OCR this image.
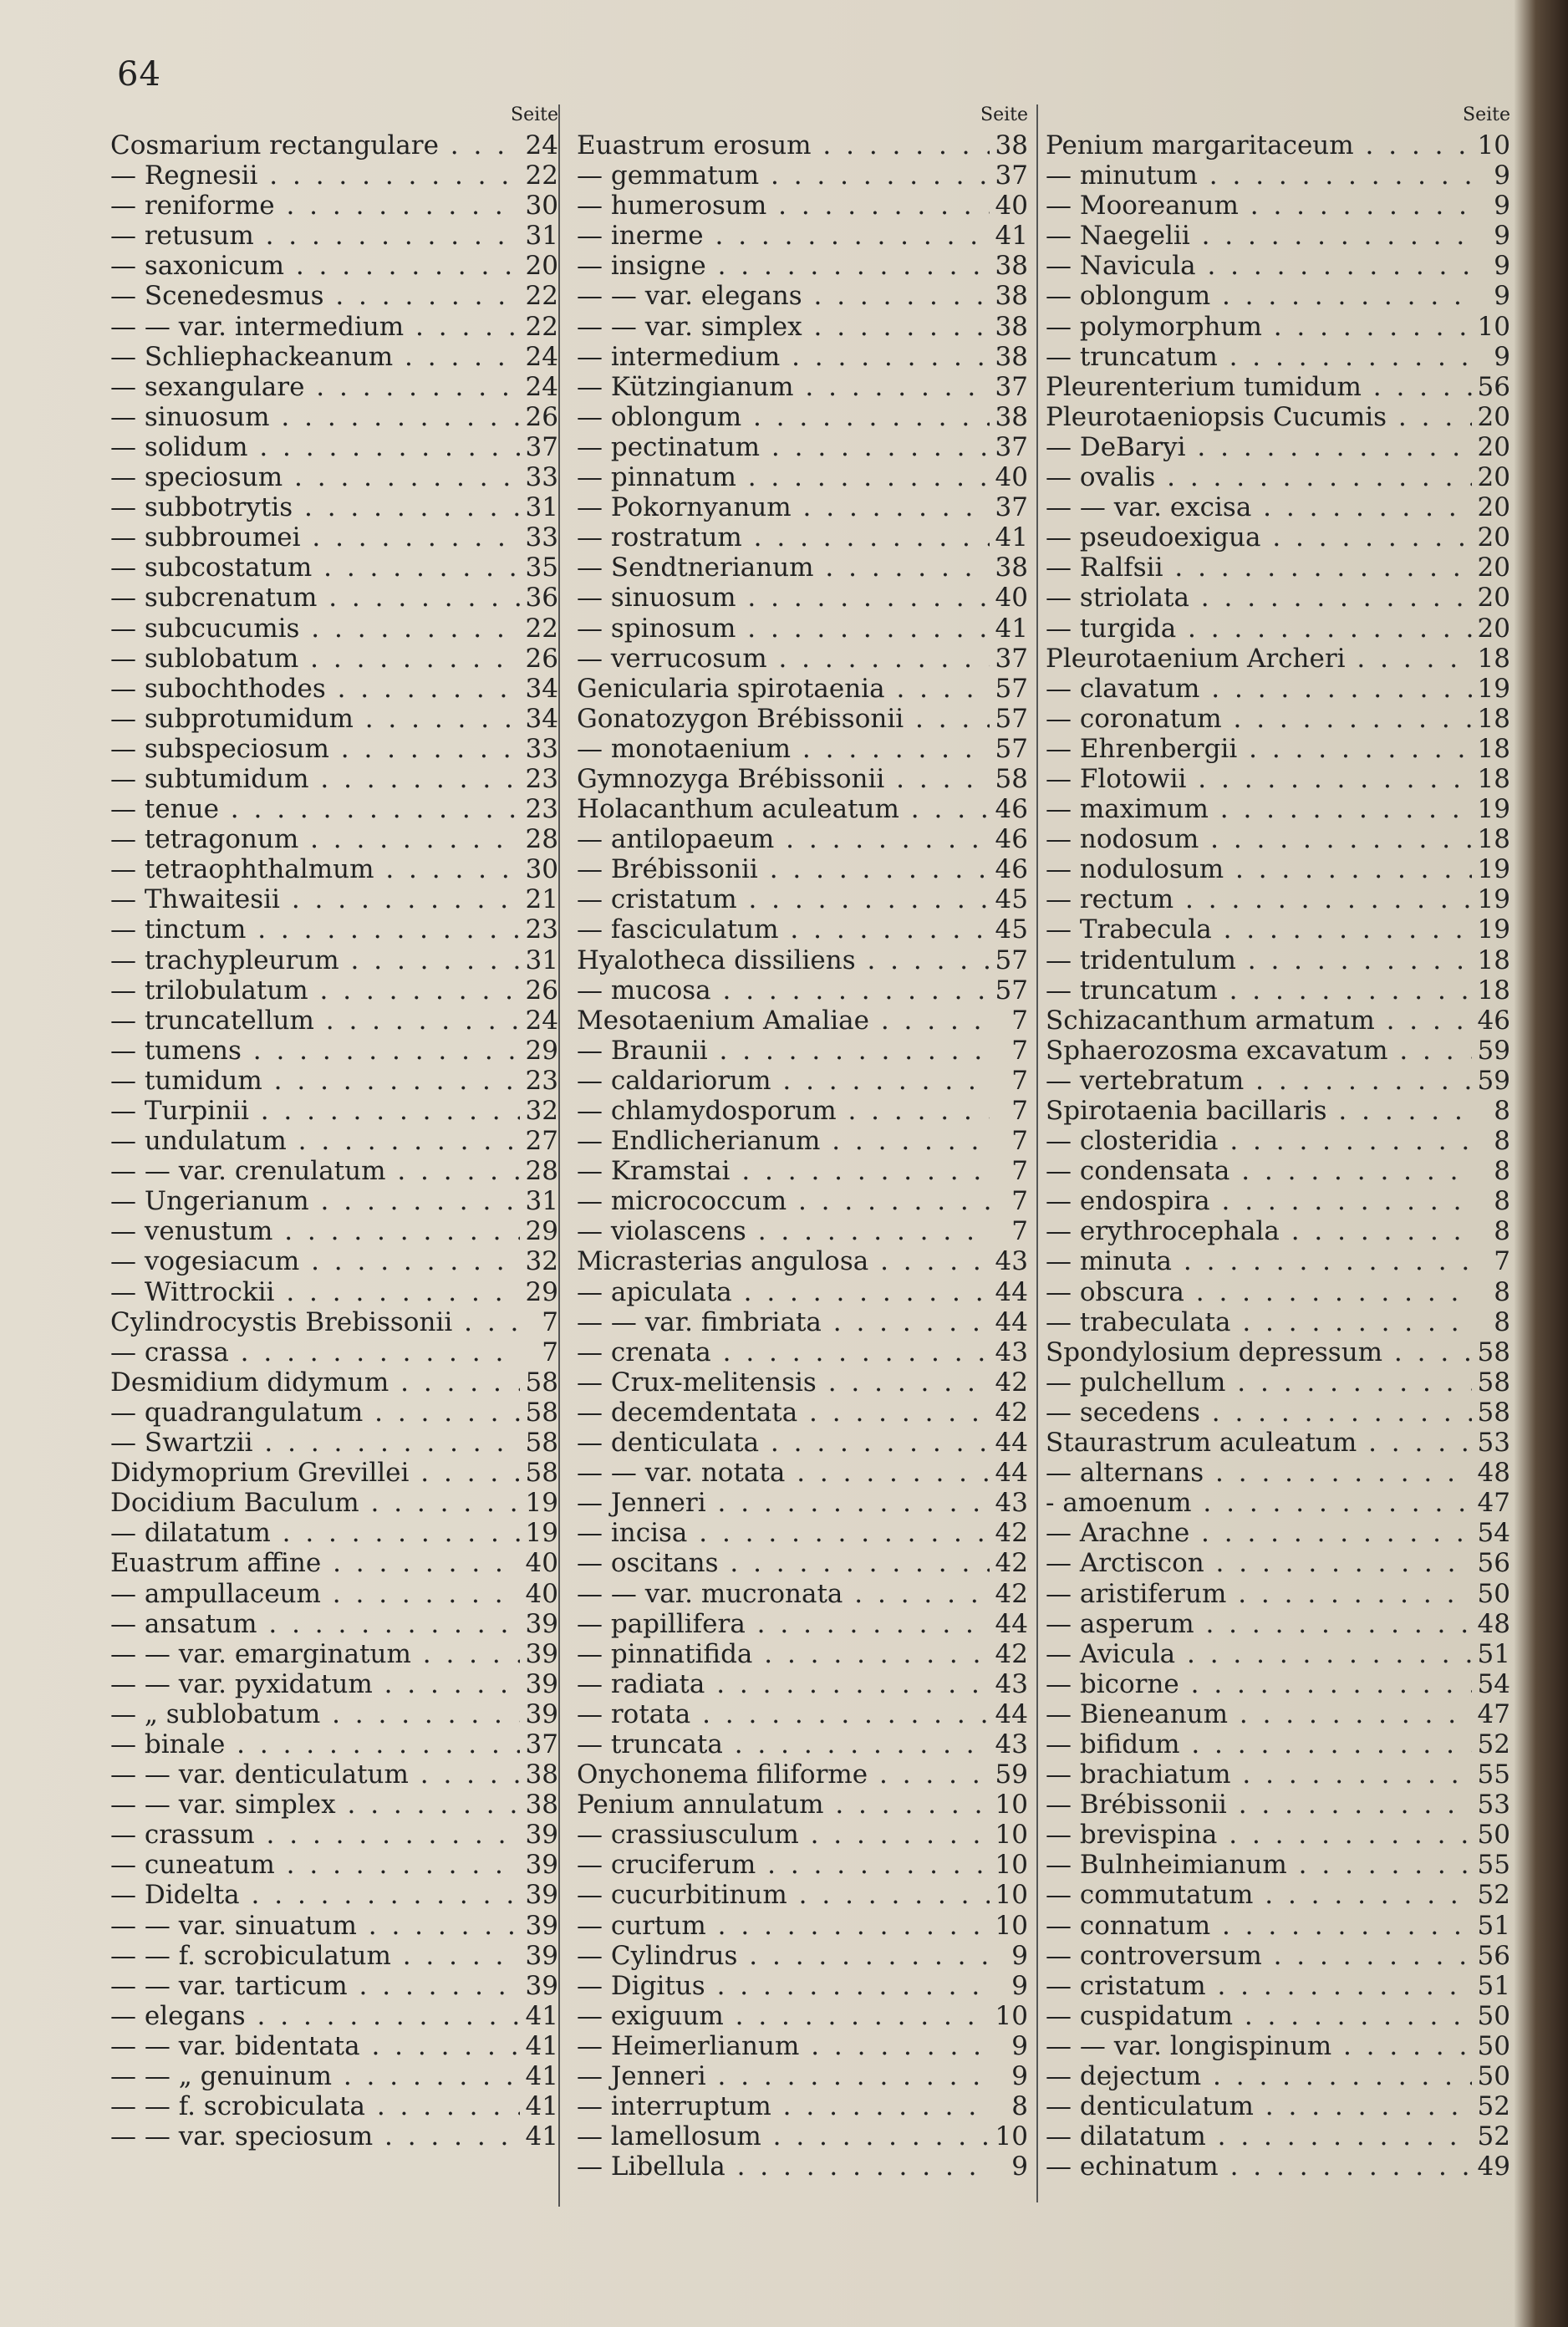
64
Seite
Cosmarium rectangulare . . .	24
— Regnesii . . .	22
— reniforme . . .	30
— retusum . . .	31
— saxonicum . . .	20
— Scenedesmus . . .	22
— — var. intermedium . . .	22
— Schliephackeanum . . .	24
— sexangulare . . .	24
— sinuosum . . .	26
— solidum . . .	37
— speciosum . . .	33
— subbotrytis . . .	31
— subbroumei . . .	33
— subcostatum . . .	35
— subcrenatum . . .	36
— subcucumis . . .	22
— sublobatum . . .	26
— subochthodes . . .	34
— subprotumidum . . .	34
— subspeciosum . . .	33
— subtumidum . . .	23
— tenue . . .	23
— tetragonum . . .	28
— tetraophthalmum . . .	30
— Thwaitesii . . .	21
— tinctum . . .	23
— trachypleurum . . .	31
— trilobulatum . . .	26
— truncatellum . . .	24
— tumens . . .	29
— tumidum . . .	23
— Turpinii . . .	32
— undulatum . . .	27
— — var. crenulatum . . .	28
— Ungerianum . . .	31
— venustum . . .	29
— vogesiacum . . .	32
— Wittrockii . . .	29
Cylindrocystis Brebissonii . . .	7
— crassa . . .	7
Desmidium didymum . . .	58
— quadrangulatum . . .	58
— Swartzii . . .	58
Didymoprium Grevillei . . .	58
Docidium Baculum . . .	19
— dilatatum . . .	19
Euastrum affine . . .	40
— ampullaceum . . .	40
— ansatum . . .	39
— — var. emarginatum . . .	39
— — var. pyxidatum . . .	39
— „ sublobatum . . .	39
— binale . . .	37
— — var. denticulatum . . .	38
— — var. simplex . . .	38
— crassum . . .	39
— cuneatum . . .	39
— Didelta . . .	39
— — var. sinuatum . . .	39
— — f. scrobiculatum . . .	39
— — var. tarticum . . .	39
— elegans . . .	41
— — var. bidentata . . .	41
— — „ genuinum . . .	41
— — f. scrobiculata . . .	41
— — var. speciosum . . .	41
Seite
Euastrum erosum . . .	38
— gemmatum . . .	37
— humerosum . . .	40
— inerme . . .	41
— insigne . . .	38
— — var. elegans . . .	38
— — var. simplex . . .	38
— intermedium . . .	38
— Kützingianum . . .	37
— oblongum . . .	38
— pectinatum . . .	37
— pinnatum . . .	40
— Pokornyanum . . .	37
— rostratum . . .	41
— Sendtnerianum . . .	38
— sinuosum . . .	40
— spinosum . . .	41
— verrucosum . . .	37
Genicularia spirotaenia . . .	57
Gonatozygon Brébissonii . . .	57
— monotaenium . . .	57
Gymnozyga Brébissonii . . .	58
Holacanthum aculeatum . . .	46
— antilopaeum . . .	46
— Brébissonii . . .	46
— cristatum . . .	45
— fasciculatum . . .	45
Hyalotheca dissiliens . . .	57
— mucosa . . .	57
Mesotaenium Amaliae . . .	7
— Braunii . . .	7
— caldariorum . . .	7
— chlamydosporum . . .	7
— Endlicherianum . . .	7
— Kramstai . . .	7
— micrococcum . . .	7
— violascens . . .	7
Micrasterias angulosa . . .	43
— apiculata . . .	44
— — var. fimbriata . . .	44
— crenata . . .	43
— Crux-melitensis . . .	42
— decemdentata . . .	42
— denticulata . . .	44
— — var. notata . . .	44
— Jenneri . . .	43
— incisa . . .	42
— oscitans . . .	42
— — var. mucronata . . .	42
— papillifera . . .	44
— pinnatifida . . .	42
— radiata . . .	43
— rotata . . .	44
— truncata . . .	43
Onychonema filiforme . . .	59
Penium annulatum . . .	10
— crassiusculum . . .	10
— cruciferum . . .	10
— cucurbitinum . . .	10
— curtum . . .	10
— Cylindrus . . .	9
— Digitus . . .	9
— exiguum . . .	10
— Heimerlianum . . .	9
— Jenneri . . .	9
— interruptum . . .	8
— lamellosum . . .	10
— Libellula . . .	9
Seite
Penium margaritaceum . . .	10
— minutum . . .	9
— Mooreanum . . .	9
— Naegelii . . .	9
— Navicula . . .	9
— oblongum . . .	9
— polymorphum . . .	10
— truncatum . . .	9
Pleurenterium tumidum . . .	56
Pleurotaeniopsis Cucumis . . .	20
— DeBaryi . . .	20
— ovalis . . .	20
— — var. excisa . . .	20
— pseudoexigua . . .	20
— Ralfsii . . .	20
— striolata . . .	20
— turgida . . .	20
Pleurotaenium Archeri . . .	18
— clavatum . . .	19
— coronatum . . .	18
— Ehrenbergii . . .	18
— Flotowii . . .	18
— maximum . . .	19
— nodosum . . .	18
— nodulosum . . .	19
— rectum . . .	19
— Trabecula . . .	19
— tridentulum . . .	18
— truncatum . . .	18
Schizacanthum armatum . . .	46
Sphaerozosma excavatum . . .	59
— vertebratum . . .	59
Spirotaenia bacillaris . . .	8
— closteridia . . .	8
— condensata . . .	8
— endospira . . .	8
— erythrocephala . . .	8
— minuta . . .	7
— obscura . . .	8
— trabeculata . . .	8
Spondylosium depressum . . .	58
— pulchellum . . .	58
— secedens . . .	58
Staurastrum aculeatum . . .	53
— alternans . . .	48
- amoenum . . .	47
— Arachne . . .	54
— Arctiscon . . .	56
— aristiferum . . .	50
— asperum . . .	48
— Avicula . . .	51
— bicorne . . .	54
— Bieneanum . . .	47
— bifidum . . .	52
— brachiatum . . .	55
— Brébissonii . . .	53
— brevispina . . .	50
— Bulnheimianum . . .	55
— commutatum . . .	52
— connatum . . .	51
— controversum . . .	56
— cristatum . . .	51
— cuspidatum . . .	50
— — var. longispinum . . .	50
— dejectum . . .	50
— denticulatum . . .	52
— dilatatum . . .	52
— echinatum . . .	49
